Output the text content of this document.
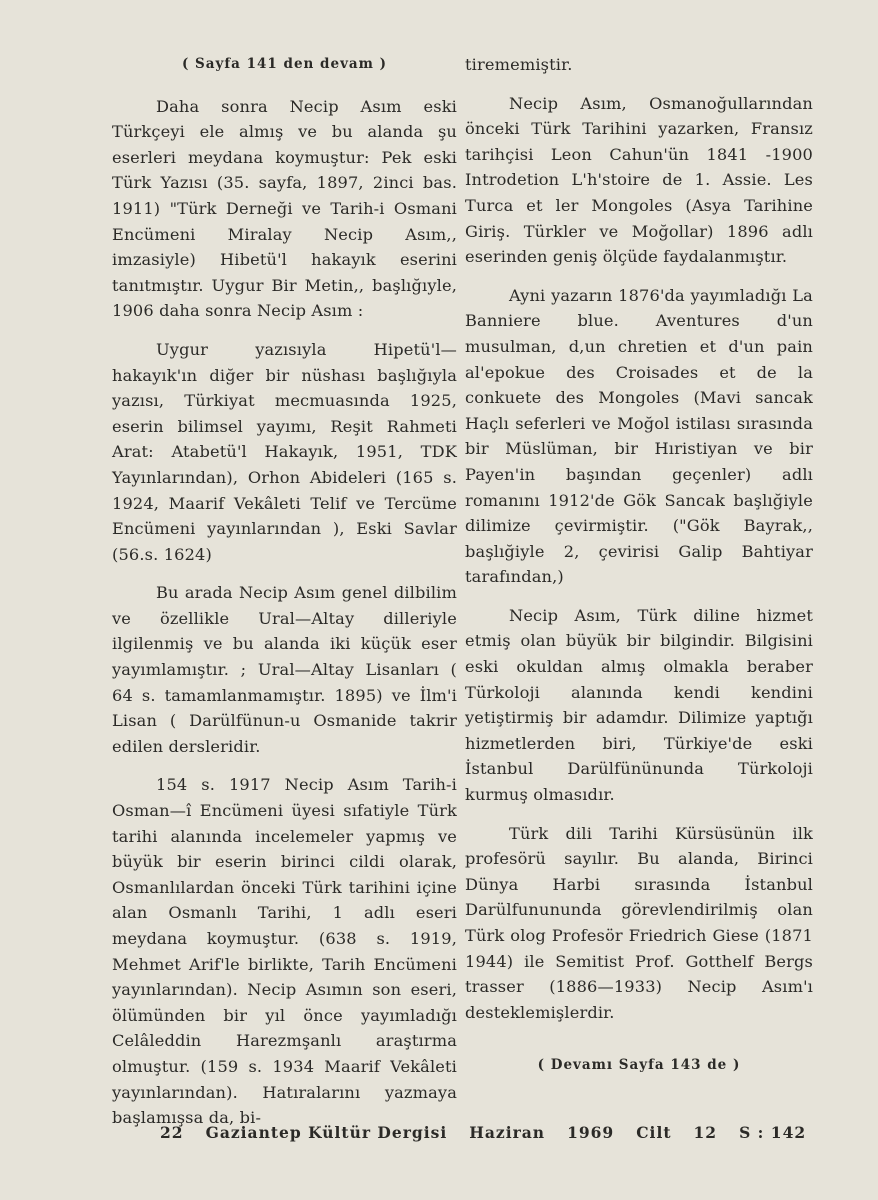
( Sayfa 141 den devam )

Daha sonra Necip Asım eski Türkçeyi ele almış ve bu alanda şu eserleri meydana koymuştur: Pek eski Türk Yazısı (35. sayfa, 1897, 2inci bas. 1911) "Türk Derneği ve Tarih-i Osmani Encümeni Miralay Necip Asım,, imzasiyle) Hibetü'l hakayık eserini tanıtmıştır. Uygur Bir Metin,, başlığıyle, 1906 daha sonra Necip Asım :

Uygur yazısıyla Hipetü'l—hakayık'ın diğer bir nüshası başlığıyla yazısı, Türkiyat mecmuasında 1925, eserin bilimsel yayımı, Reşit Rahmeti Arat: Atabetü'l Hakayık, 1951, TDK Yayınlarından), Orhon Abideleri (165 s. 1924, Maarif Vekâleti Telif ve Tercüme Encümeni yayınlarından ), Eski Savlar (56.s. 1624)

Bu arada Necip Asım genel dilbilim ve özellikle Ural—Altay dilleriyle ilgilenmiş ve bu alanda iki küçük eser yayımlamıştır. ; Ural—Altay Lisanları ( 64 s. tamamlanmamıştır. 1895) ve İlm'i Lisan ( Darülfünun-u Osmanide takrir edilen dersleridir.

154 s. 1917 Necip Asım Tarih-i Osman—î Encümeni üyesi sıfatiyle Türk tarihi alanında incelemeler yapmış ve büyük bir eserin birinci cildi olarak, Osmanlılardan önceki Türk tarihini içine alan Osmanlı Tarihi, 1 adlı eseri meydana koymuştur. (638 s. 1919, Mehmet Arif'le birlikte, Tarih Encümeni yayınlarından). Necip Asımın son eseri, ölümünden bir yıl önce yayımladığı Celâleddin Harezmşanlı araştırma olmuştur. (159 s. 1934 Maarif Vekâleti yayınlarından). Hatıralarını yazmaya başlamışsa da, bi-

tirememiştir.

Necip Asım, Osmanoğullarından önceki Türk Tarihini yazarken, Fransız tarihçisi Leon Cahun'ün 1841 -1900 Introdetion L'h'stoire de 1. Assie. Les Turca et ler Mongoles (Asya Tarihine Giriş. Türkler ve Moğollar) 1896 adlı eserinden geniş ölçüde faydalanmıştır.

Ayni yazarın 1876'da yayımladığı La Banniere blue. Aventures d'un musulman, d,un chretien et d'un pain al'epokue des Croisades et de la conkuete des Mongoles (Mavi sancak Haçlı seferleri ve Moğol istilası sırasında bir Müslüman, bir Hıristiyan ve bir Payen'in başından geçenler) adlı romanını 1912'de Gök Sancak başlığiyle dilimize çevirmiştir. ("Gök Bayrak,, başlığiyle 2, çevirisi Galip Bahtiyar tarafından,)

Necip Asım, Türk diline hizmet etmiş olan büyük bir bilgindir. Bilgisini eski okuldan almış olmakla beraber Türkoloji alanında kendi kendini yetiştirmiş bir adamdır. Dilimize yaptığı hizmetlerden biri, Türkiye'de eski İstanbul Darülfününunda Türkoloji kurmuş olmasıdır.

Türk dili Tarihi Kürsüsünün ilk profesörü sayılır. Bu alanda, Birinci Dünya Harbi sırasında İstanbul Darülfunununda görevlendirilmiş olan Türk olog Profesör Friedrich Giese (1871 1944) ile Semitist Prof. Gotthelf Bergs trasser (1886—1933) Necip Asım'ı desteklemişlerdir.

( Devamı Sayfa 143 de )
22 Gaziantep Kültür Dergisi Haziran 1969 Cilt 12 S : 142
